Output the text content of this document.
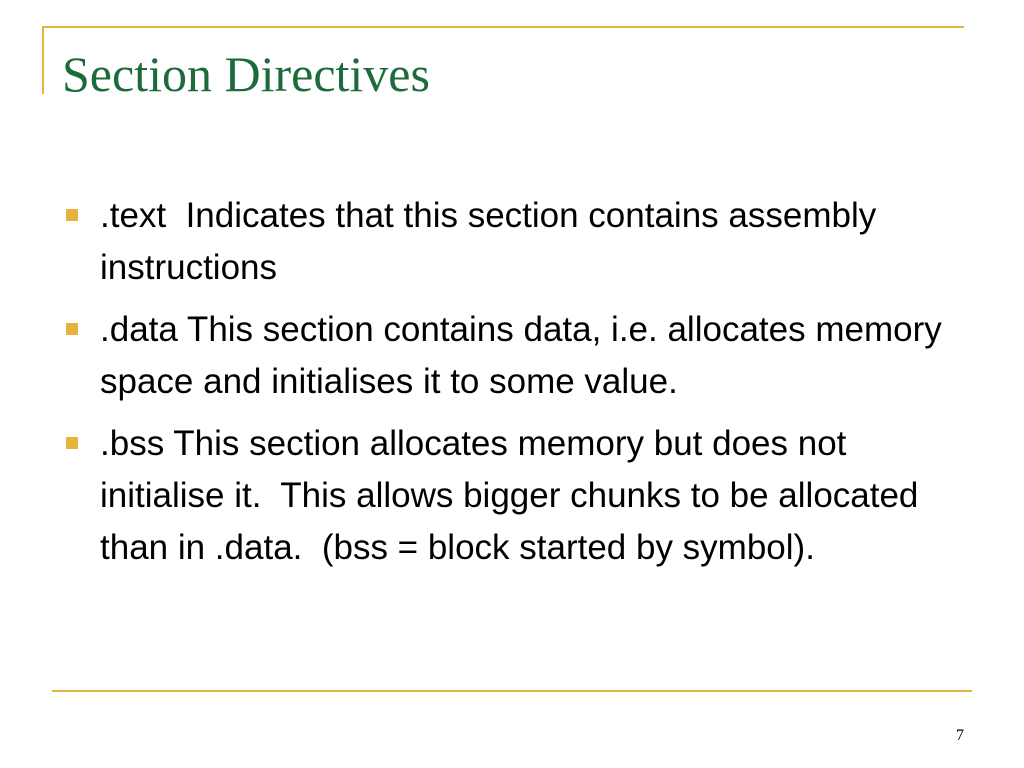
Section Directives
.text  Indicates that this section contains assembly instructions
.data This section contains data, i.e. allocates memory space and initialises it to some value.
.bss This section allocates memory but does not initialise it.  This allows bigger chunks to be allocated than in .data.  (bss = block started by symbol).
7
